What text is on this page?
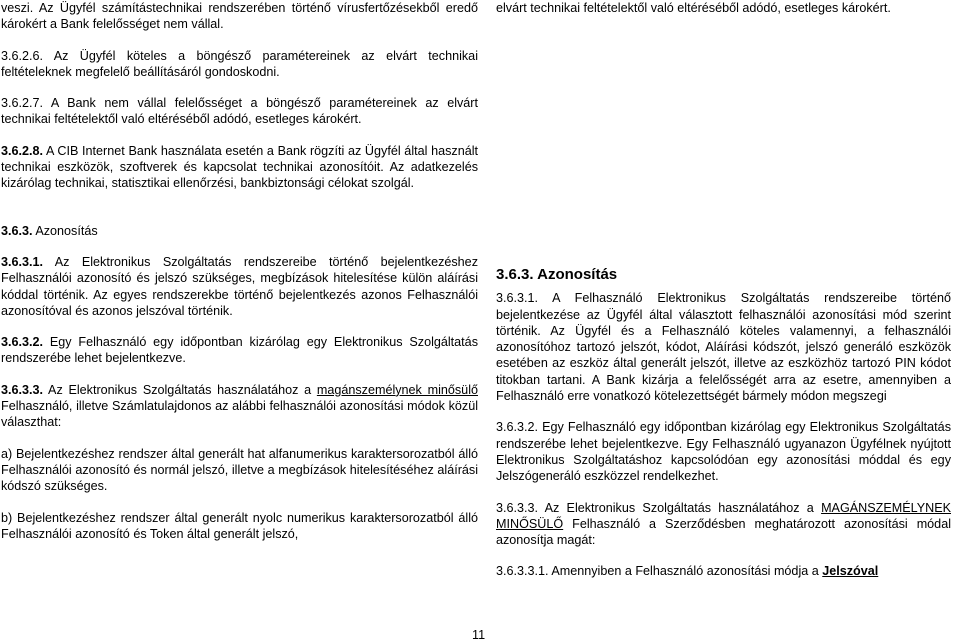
veszi. Az Ügyfél számítástechnikai rendszerében történő vírusfertőzésekből eredő károkért a Bank felelősséget nem vállal.

3.6.2.6. Az Ügyfél köteles a böngésző paramétereinek az elvárt technikai feltételeknek megfelelő beállításáról gondoskodni.

3.6.2.7. A Bank nem vállal felelősséget a böngésző paramétereinek az elvárt technikai feltételektől való eltéréséből adódó, esetleges károkért.

3.6.2.8. A CIB Internet Bank használata esetén a Bank rögzíti az Ügyfél által használt technikai eszközök, szoftverek és kapcsolat technikai azonosítóit. Az adatkezelés kizárólag technikai, statisztikai ellenőrzési, bankbiztonsági célokat szolgál.

3.6.3. Azonosítás

3.6.3.1. Az Elektronikus Szolgáltatás rendszereibe történő bejelentkezéshez Felhasználói azonosító és jelszó szükséges, megbízások hitelesítése külön aláírási kóddal történik. Az egyes rendszerekbe történő bejelentkezés azonos Felhasználói azonosítóval és azonos jelszóval történik.

3.6.3.2. Egy Felhasználó egy időpontban kizárólag egy Elektronikus Szolgáltatás rendszerébe lehet bejelentkezve.

3.6.3.3. Az Elektronikus Szolgáltatás használatához a magánszemélynek minősülő Felhasználó, illetve Számlatulajdonos az alábbi felhasználói azonosítási módok közül választhat:

a) Bejelentkezéshez rendszer által generált hat alfanumerikus karaktersorozatból álló Felhasználói azonosító és normál jelszó, illetve a megbízások hitelesítéséhez aláírási kódszó szükséges.

b) Bejelentkezéshez rendszer által generált nyolc numerikus karaktersorozatból álló Felhasználói azonosító és Token által generált jelszó,

elvárt technikai feltételektől való eltéréséből adódó, esetleges károkért.

3.6.3. Azonosítás

3.6.3.1. A Felhasználó Elektronikus Szolgáltatás rendszereibe történő bejelentkezése az Ügyfél által választott felhasználói azonosítási mód szerint történik. Az Ügyfél és a Felhasználó köteles valamennyi, a felhasználói azonosítóhoz tartozó jelszót, kódot, Aláírási kódszót, jelszó generáló eszközök esetében az eszköz által generált jelszót, illetve az eszközhöz tartozó PIN kódot titokban tartani. A Bank kizárja a felelősségét arra az esetre, amennyiben a Felhasználó erre vonatkozó kötelezettségét bármely módon megszegi

3.6.3.2. Egy Felhasználó egy időpontban kizárólag egy Elektronikus Szolgáltatás rendszerébe lehet bejelentkezve. Egy Felhasználó ugyanazon Ügyfélnek nyújtott Elektronikus Szolgáltatáshoz kapcsolódóan egy azonosítási móddal és egy Jelszógeneráló eszközzel rendelkezhet.

3.6.3.3. Az Elektronikus Szolgáltatás használatához a MAGÁNSZEMÉLYNEK MINŐSÜLŐ Felhasználó a Szerződésben meghatározott azonosítási módal azonosítja magát:

3.6.3.3.1. Amennyiben a Felhasználó azonosítási módja a Jelszóval

11
